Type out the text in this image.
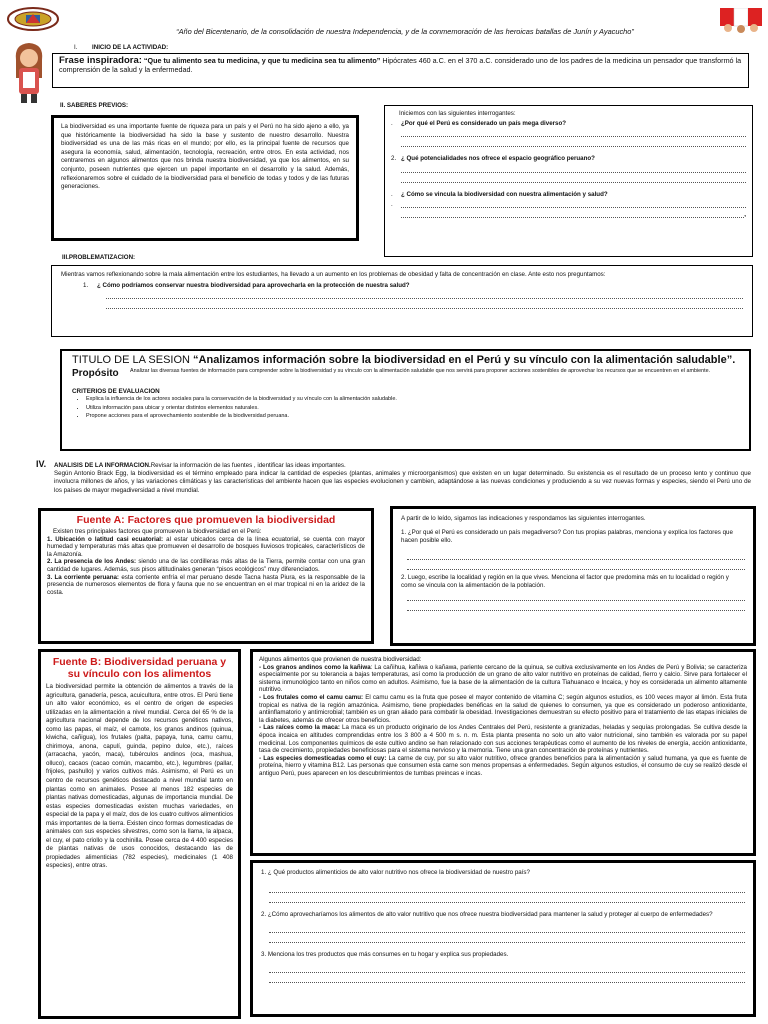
“Año del Bicentenario, de la consolidación de nuestra Independencia, y de la conmemoración de las heroicas batallas de Junín y Ayacucho”
I. INICIO DE LA ACTIVIDAD:
Frase inspiradora: “Que tu alimento sea tu medicina, y que tu medicina sea tu alimento” Hipócrates 460 a.C. en el 370 a.C. considerado uno de los padres de la medicina un pensador que transformó la comprensión de la salud y la enfermedad.
II. SABERES PREVIOS:
La biodiversidad es una importante fuente de riqueza para un país y el Perú no ha sido ajeno a ello, ya que históricamente la biodiversidad ha sido la base y sustento de nuestro desarrollo. Nuestra biodiversidad es una de las más ricas en el mundo; por ello, es la principal fuente de recursos que asegura la economía, salud, alimentación, tecnología, recreación, entre otros. En esta actividad, nos centraremos en algunos alimentos que nos brinda nuestra biodiversidad, ya que los alimentos, en su conjunto, poseen nutrientes que ejercen un papel importante en el desarrollo y la salud. Además, reflexionaremos sobre el cuidado de la biodiversidad para el beneficio de todas y todos y de las futuras generaciones.
Iniciemos con las siguientes interrogantes:
.	¿Por qué el Perú es considerado un país mega diverso?
2. ¿ Qué potencialidades nos ofrece el espacio geográfico peruano?
.	¿ Cómo se vincula la biodiversidad con nuestra alimentación y salud?
.
,
III.PROBLEMATIZACION:
Mientras vamos reflexionando sobre la mala alimentación entre los estudiantes, ha llevado a un aumento en los problemas de obesidad y falta de concentración en clase. Ante esto nos preguntamos:
1.	¿ Cómo podríamos conservar nuestra biodiversidad para aprovecharla en la protección de nuestra salud?
TITULO DE LA SESION “Analizamos información sobre la biodiversidad en el Perú y su vínculo con la alimentación saludable”.
Propósito	Analizar las diversas fuentes de información para comprender sobre la biodiversidad y su vínculo con la alimentación saludable que nos servirá para proponer acciones sostenibles de aprovechar los recursos que se encuentren en el ambiente.
CRITERIOS DE EVALUACION
• Explica la influencia de los actores sociales para la conservación de la biodiversidad y su vínculo con la alimentación saludable.
• Utiliza información para ubicar y orientar distintos elementos naturales.
• Propone acciones para el aprovechamiento sostenible de la biodiversidad peruana.
IV.	ANALISIS DE LA INFORMACION. Revisar la información de las fuentes , identificar las ideas importantes.
Según Antonio Brack Egg, la biodiversidad es el término empleado para indicar la cantidad de especies (plantas, animales y microorganismos) que existen en un lugar determinado. Su existencia es el resultado de un proceso lento y continuo que involucra millones de años, y las variaciones climáticas y las características del ambiente hacen que las especies evolucionen y cambien, adaptándose a las nuevas condiciones y produciendo a su vez nuevas formas y especies, siendo el Perú uno de los países de mayor megadiversidad a nivel mundial.
Fuente A: Factores que promueven la biodiversidad
Existen tres principales factores que promueven la biodiversidad en el Perú:
1. Ubicación o latitud casi ecuatorial: al estar ubicados cerca de la línea ecuatorial, se cuenta con mayor humedad y temperaturas más altas que promueven el desarrollo de bosques lluviosos tropicales, característicos de la Amazonía.
2. La presencia de los Andes: siendo una de las cordilleras más altas de la Tierra, permite contar con una gran cantidad de lugares. Además, sus pisos altitudinales generan “pisos ecológicos” muy diferenciados.
3. La corriente peruana: esta corriente enfría el mar peruano desde Tacna hasta Piura, es la responsable de la presencia de numerosos elementos de flora y fauna que no se encuentran en el mar tropical ni en la aridez de la costa.
A partir de lo leído, sigamos las indicaciones y respondamos las siguientes interrogantes.
1. ¿Por qué el Perú es considerado un país megadiverso? Con tus propias palabras, menciona y explica los factores que hacen posible ello.
2. Luego, escribe la localidad y región en la que vives. Menciona el factor que predomina más en tu localidad o región y como se vincula con la alimentación de la población.
Fuente B: Biodiversidad peruana y su vínculo con los alimentos
La biodiversidad permite la obtención de alimentos a través de la agricultura, ganadería, pesca, acuicultura, entre otros. El Perú tiene un alto valor económico, es el centro de origen de especies utilizadas en la alimentación a nivel mundial. Cerca del 65 % de la agricultura nacional depende de los recursos genéticos nativos, como las papas, el maíz, el camote, los granos andinos (quinua, kiwicha, cañigua), los frutales (palta, papaya, tuna, camu camu, chirimoya, anona, capulí, guinda, pepino dulce, etc.), raíces (arracacha, yacón, maca), tubérculos andinos (oca, mashua, olluco), cacaos (cacao común, macambo, etc.), legumbres (pallar, frijoles, pashullo) y varios cultivos más. Asimismo, el Perú es un centro de recursos genéticos destacado a nivel mundial tanto en plantas como en animales. Posee al menos 182 especies de plantas nativas domesticadas, algunas de importancia mundial. De estas especies domesticadas existen muchas variedades, en especial de la papa y el maíz, dos de los cuatro cultivos alimenticios más importantes de la tierra. Existen cinco formas domesticadas de animales con sus especies silvestres, como son la llama, la alpaca, el cuy, el pato criollo y la cochinilla. Posee cerca de 4 400 especies de plantas nativas de usos conocidos, destacando las de propiedades alimenticias (782 especies), medicinales (1 408 especies), entre otras.
Algunos alimentos que provienen de nuestra biodiversidad:
- Los granos andinos como la kañiwa: La cañihua, kañiwa o kañawa, pariente cercano de la quinua, se cultiva exclusivamente en los Andes de Perú y Bolivia; se caracteriza especialmente por su tolerancia a bajas temperaturas, así como la producción de un grano de alto valor nutritivo en proteínas de calidad, fierro y calcio. Sirve para fortalecer el sistema inmunológico tanto en niños como en adultos. Asimismo, fue la base de la alimentación de la cultura Tiahuanaco e Incaica, y hoy es considerada un alimento altamente nutritivo.
- Los frutales como el camu camu: El camu camu es la fruta que posee el mayor contenido de vitamina C; según algunos estudios, es 100 veces mayor al limón. Esta fruta tropical es nativa de la región amazónica. Asimismo, tiene propiedades benéficas en la salud de quienes lo consumen, ya que es considerado un poderoso antioxidante, antiinflamatorio y antimicrobial; también es un gran aliado para combatir la obesidad. Investigaciones demuestran su efecto positivo para el tratamiento de las etapas iniciales de la diabetes, además de ofrecer otros beneficios.
- Las raíces como la maca: La maca es un producto originario de los Andes Centrales del Perú, resistente a granizadas, heladas y sequías prolongadas. Se cultiva desde la época incaica en altitudes comprendidas entre los 3 800 a 4 500 m s. n. m. Esta planta presenta no solo un alto valor nutricional, sino también es valorada por su papel medicinal. Los componentes químicos de este cultivo andino se han relacionado con sus acciones terapéuticas como el aumento de los niveles de energía, acción antioxidante, tasa de crecimiento, propiedades beneficiosas para el sistema nervioso y la memoria. Tiene una gran concentración de proteínas y nutrientes.
- Las especies domesticadas como el cuy: La carne de cuy, por su alto valor nutritivo, ofrece grandes beneficios para la alimentación y salud humana, ya que es fuente de proteína, hierro y vitamina B12. Las personas que consumen esta carne son menos propensas a enfermedades. Según algunos estudios, el consumo de cuy se realizó desde el antiguo Perú, pues aparecen en los descubrimientos de tumbas preincas e incas.
1. ¿ Qué productos alimenticios de alto valor nutritivo nos ofrece la biodiversidad de nuestro país?
2. ¿Cómo aprovecharíamos los alimentos de alto valor nutritivo que nos ofrece nuestra biodiversidad para mantener la salud y proteger al cuerpo de enfermedades?
3. Menciona los tres productos que más consumes en tu hogar y explica sus propiedades.
